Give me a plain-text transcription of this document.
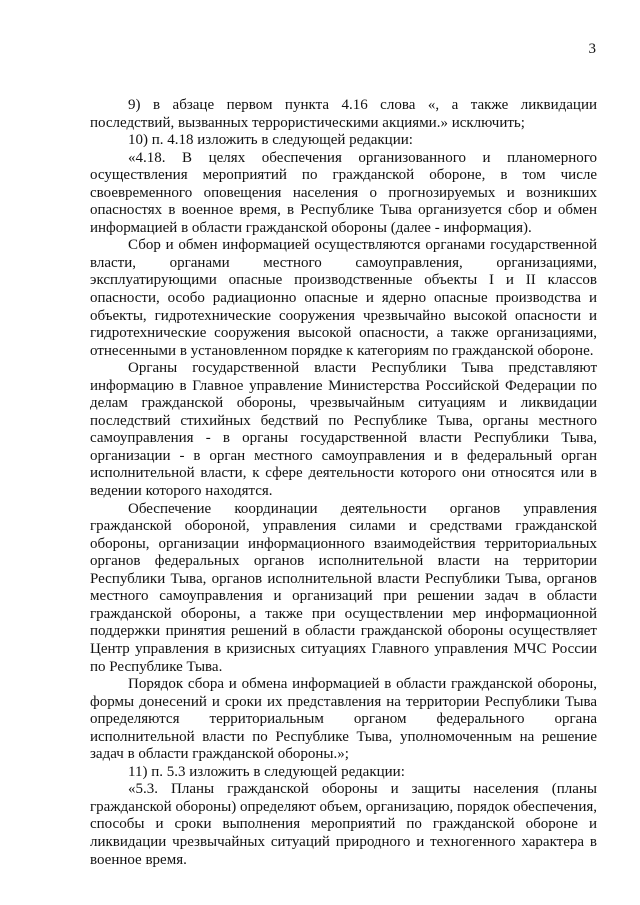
3

9) в абзаце первом пункта 4.16 слова «, а также ликвидации последствий, вызванных террористическими акциями.» исключить;

10) п. 4.18 изложить в следующей редакции:

«4.18. В целях обеспечения организованного и планомерного осуществления мероприятий по гражданской обороне, в том числе своевременного оповещения населения о прогнозируемых и возникших опасностях в военное время, в Республике Тыва организуется сбор и обмен информацией в области гражданской обороны (далее - информация).

Сбор и обмен информацией осуществляются органами государственной власти, органами местного самоуправления, организациями, эксплуатирующими опасные производственные объекты I и II классов опасности, особо радиационно опасные и ядерно опасные производства и объекты, гидротехнические сооружения чрезвычайно высокой опасности и гидротехнические сооружения высокой опасности, а также организациями, отнесенными в установленном порядке к категориям по гражданской обороне.

Органы государственной власти Республики Тыва представляют информацию в Главное управление Министерства Российской Федерации по делам гражданской обороны, чрезвычайным ситуациям и ликвидации последствий стихийных бедствий по Республике Тыва, органы местного самоуправления - в органы государственной власти Республики Тыва, организации - в орган местного самоуправления и в федеральный орган исполнительной власти, к сфере деятельности которого они относятся или в ведении которого находятся.

Обеспечение координации деятельности органов управления гражданской обороной, управления силами и средствами гражданской обороны, организации информационного взаимодействия территориальных органов федеральных органов исполнительной власти на территории Республики Тыва, органов исполнительной власти Республики Тыва, органов местного самоуправления и организаций при решении задач в области гражданской обороны, а также при осуществлении мер информационной поддержки принятия решений в области гражданской обороны осуществляет Центр управления в кризисных ситуациях Главного управления МЧС России по Республике Тыва.

Порядок сбора и обмена информацией в области гражданской обороны, формы донесений и сроки их представления на территории Республики Тыва определяются территориальным органом федерального органа исполнительной власти по Республике Тыва, уполномоченным на решение задач в области гражданской обороны.»;

11) п. 5.3 изложить в следующей редакции:

«5.3. Планы гражданской обороны и защиты населения (планы гражданской обороны) определяют объем, организацию, порядок обеспечения, способы и сроки выполнения мероприятий по гражданской обороне и ликвидации чрезвычайных ситуаций природного и техногенного характера в военное время.
